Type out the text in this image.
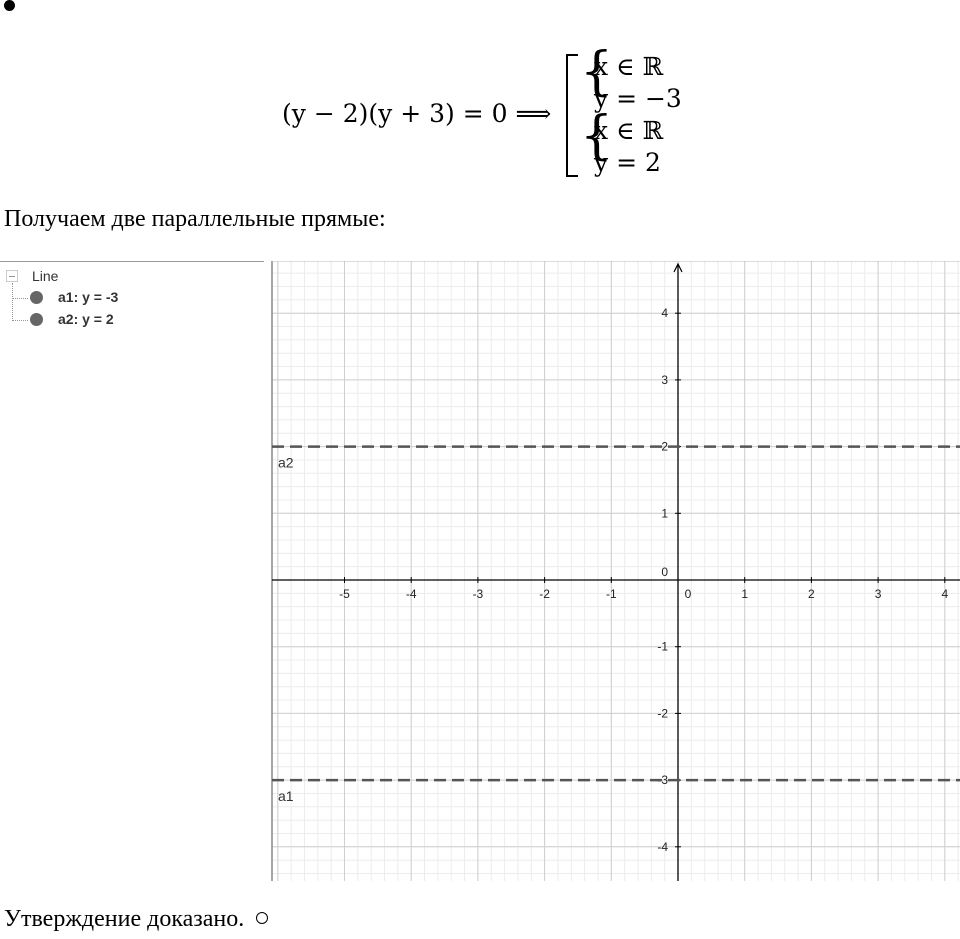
(y − 2)(y + 3) = 0 ⟹
{
x ∈ ℝ
y = −3
{
x ∈ ℝ
y = 2
Получаем две параллельные прямые:
Line
a1: y = -3
a2: y = 2
-5	-4	-3	-2	-1	0	1	2	3	4
-4
-3
-2
-1
0
1
2
3
4
a1
a2
Утверждение доказано.
